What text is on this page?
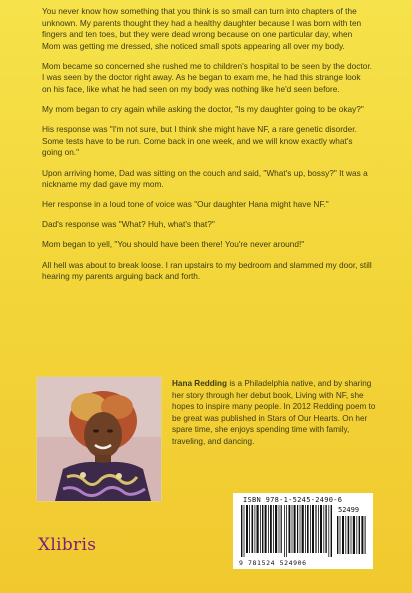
You never know how something that you think is so small can turn into chapters of the unknown. My parents thought they had a healthy daughter because I was born with ten fingers and ten toes, but they were dead wrong because on one particular day, when Mom was getting me dressed, she noticed small spots appearing all over my body.

Mom became so concerned she rushed me to children's hospital to be seen by the doctor. I was seen by the doctor right away. As he began to exam me, he had this strange look on his face, like what he had seen on my body was nothing like he'd seen before.

My mom began to cry again while asking the doctor, "Is my daughter going to be okay?"

His response was "I'm not sure, but I think she might have NF, a rare genetic disorder. Some tests have to be run. Come back in one week, and we will know exactly what's going on."

Upon arriving home, Dad was sitting on the couch and said, "What's up, bossy?" It was a nickname my dad gave my mom.

Her response in a loud tone of voice was "Our daughter Hana might have NF."

Dad's response was "What? Huh, what's that?"

Mom began to yell, "You should have been there! You're never around!"

All hell was about to break loose. I ran upstairs to my bedroom and slammed my door, still hearing my parents arguing back and forth.

Hana Redding is a Philadelphia native, and by sharing her story through her debut book, Living with NF, she hopes to inspire many people. In 2012 Redding poem to be great was published in Stars of Our Hearts. On her spare time, she enjoys spending time with family, traveling, and dancing.
Xlibris
ISBN 978-1-5245-2490-6
52499
9 781524 524906
